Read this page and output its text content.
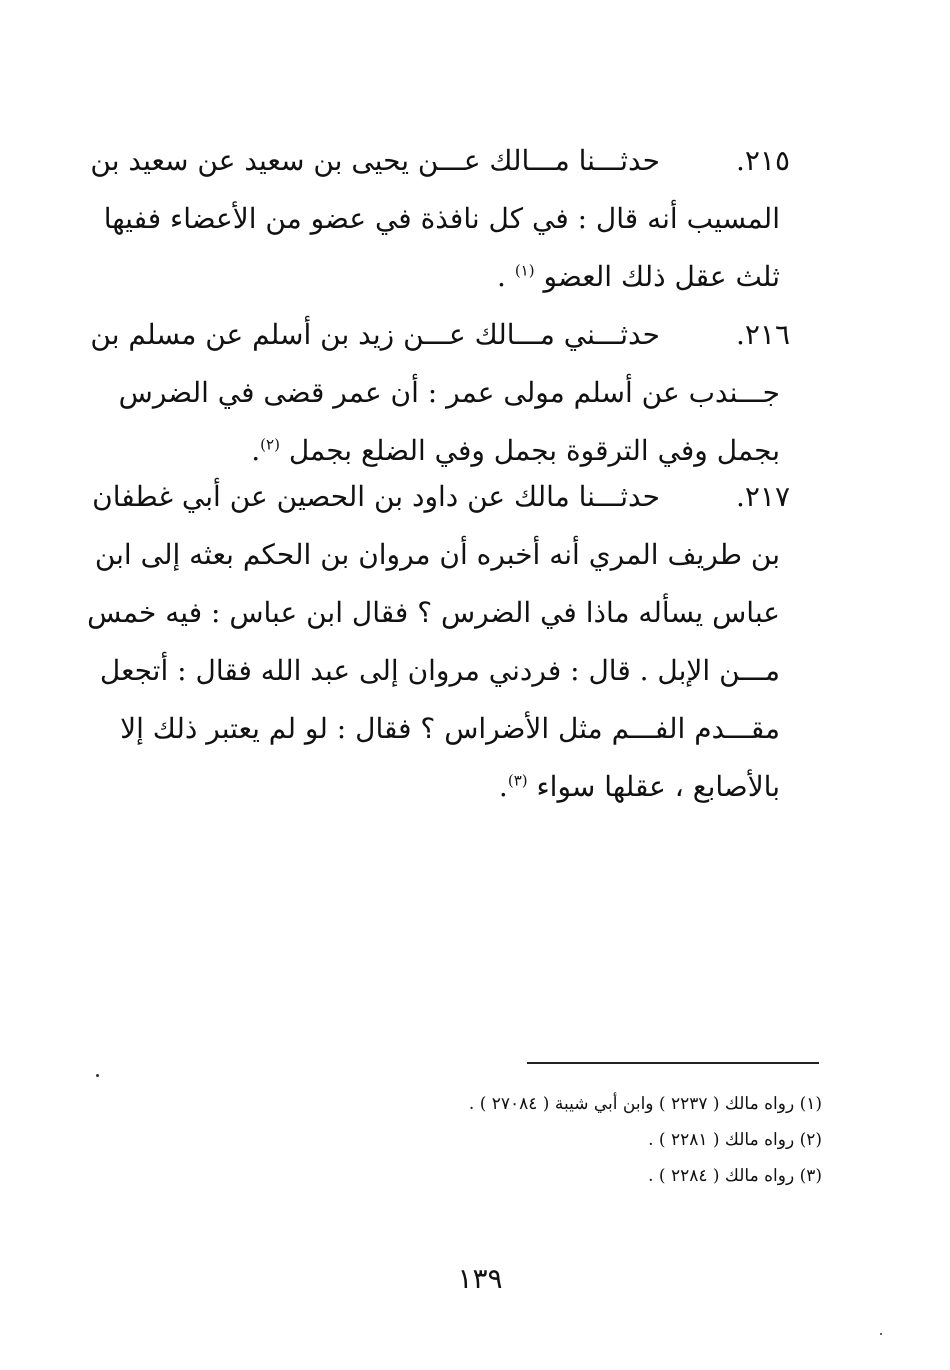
٢١٥.
حدثـــنا مـــالك عـــن يحيى بن سعيد عن سعيد بن
المسيب أنه قال : في كل نافذة في عضو من الأعضاء ففيها
ثلث عقل ذلك العضو $^{(١)}$ .
٢١٦.
حدثـــني مـــالك عـــن زيد بن أسلم عن مسلم بن
جـــندب عن أسلم مولى عمر : أن عمر قضى في الضرس
بجمل وفي الترقوة بجمل وفي الضلع بجمل $^{(٢)}$.
٢١٧.
حدثـــنا مالك عن داود بن الحصين عن أبي غطفان
بن طريف المري أنه أخبره أن مروان بن الحكم بعثه إلى ابن
عباس يسأله ماذا في الضرس ؟ فقال ابن عباس : فيه خمس
مـــن الإبل . قال : فردني مروان إلى عبد الله فقال : أتجعل
مقـــدم الفـــم مثل الأضراس ؟ فقال : لو لم يعتبر ذلك إلا
بالأصابع ، عقلها سواء $^{(٣)}$.
(١) رواه مالك ( ٢٢٣٧ ) وابن أبي شيبة ( ٢٧٠٨٤ ) .
(٢) رواه مالك ( ٢٢٨١ ) .
(٣) رواه مالك ( ٢٢٨٤ ) .
١٣٩
